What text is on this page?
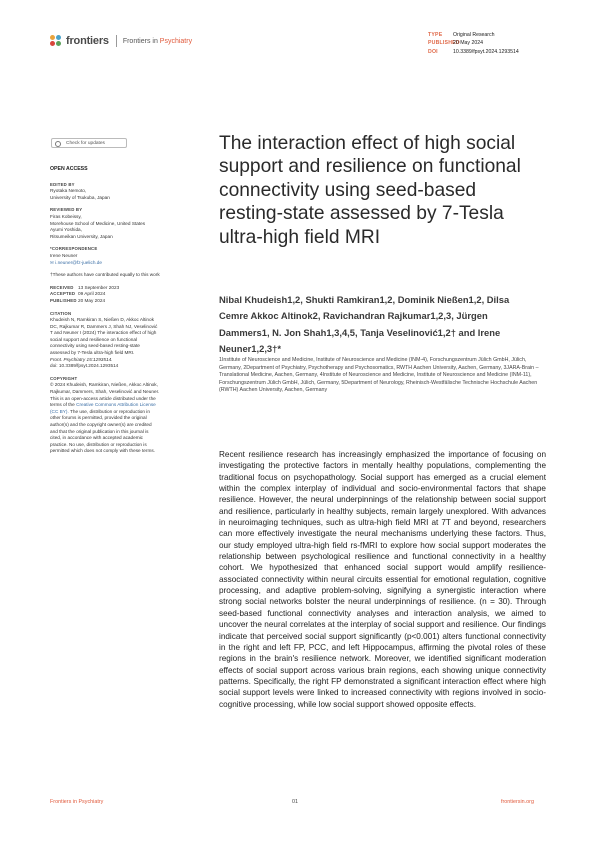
frontiers Frontiers in Psychiatry
TYPE Original Research
PUBLISHED20 May 2024
DOI	10.3389/fpsyt.2024.1293514
Check for updates
OPEN ACCESS
EDITED BY
Ryotaka Nemoto,
University of Tsukuba, Japan
REVIEWED BY
Firas Kobeissy,
Morehouse School of Medicine, United States
Ayumi Yoshida,
Ritsumeikan University, Japan
*CORRESPONDENCE
Irene Neuner
✉ i.neuner@fz-juelich.de
†These authors have contributed equally to this work
RECEIVED 13 September 2023
ACCEPTED 09 April 2024
PUBLISHED20 May 2024
CITATION
Khudeish N, Ramkiran S, Nießen D, Akkoc Altinok DC, Rajkumar R, Dammers J, Shah NJ, Veselinović T and Neuner I (2024) The interaction effect of high social support and resilience on functional connectivity using seed-based resting-state assessed by 7-Tesla ultra-high field MRI.
Front. Psychiatry 15:1293514.
doi: 10.3389/fpsyt.2024.1293514
COPYRIGHT
© 2024 Khudeish, Ramkiran, Nießen, Akkoc Altinok, Rajkumar, Dammers, Shah, Veselinović and Neuner. This is an open-access article distributed under the terms of the Creative Commons Attribution License (CC BY). The use, distribution or reproduction in other forums is permitted, provided the original author(s) and the copyright owner(s) are credited and that the original publication in this journal is cited, in accordance with accepted academic practice. No use, distribution or reproduction is permitted which does not comply with these terms.
The interaction effect of high social support and resilience on functional connectivity using seed-based resting-state assessed by 7-Tesla ultra-high field MRI
Nibal Khudeish1,2, Shukti Ramkiran1,2, Dominik Nießen1,2, Dilsa Cemre Akkoc Altinok2, Ravichandran Rajkumar1,2,3, Jürgen Dammers1, N. Jon Shah1,3,4,5, Tanja Veselinović1,2† and Irene Neuner1,2,3†*
1Institute of Neuroscience and Medicine, Institute of Neuroscience and Medicine (INM-4), Forschungszentrum Jülich GmbH, Jülich, Germany, 2Department of Psychiatry, Psychotherapy and Psychosomatics, RWTH Aachen University, Aachen, Germany, 3JARA-Brain – Translational Medicine, Aachen, Germany, 4Institute of Neuroscience and Medicine, Institute of Neuroscience and Medicine (INM-11), Forschungszentrum Jülich GmbH, Jülich, Germany, 5Department of Neurology, Rheinisch-Westfälische Technische Hochschule Aachen (RWTH) Aachen University, Aachen, Germany
Recent resilience research has increasingly emphasized the importance of focusing on investigating the protective factors in mentally healthy populations, complementing the traditional focus on psychopathology. Social support has emerged as a crucial element within the complex interplay of individual and socio-environmental factors that shape resilience. However, the neural underpinnings of the relationship between social support and resilience, particularly in healthy subjects, remain largely unexplored. With advances in neuroimaging techniques, such as ultra-high field MRI at 7T and beyond, researchers can more effectively investigate the neural mechanisms underlying these factors. Thus, our study employed ultra-high field rs-fMRI to explore how social support moderates the relationship between psychological resilience and functional connectivity in a healthy cohort. We hypothesized that enhanced social support would amplify resilience-associated connectivity within neural circuits essential for emotional regulation, cognitive processing, and adaptive problem-solving, signifying a synergistic interaction where strong social networks bolster the neural underpinnings of resilience. (n = 30). Through seed-based functional connectivity analyses and interaction analysis, we aimed to uncover the neural correlates at the interplay of social support and resilience. Our findings indicate that perceived social support significantly (p<0.001) alters functional connectivity in the right and left FP, PCC, and left Hippocampus, affirming the pivotal roles of these regions in the brain's resilience network. Moreover, we identified significant moderation effects of social support across various brain regions, each showing unique connectivity patterns. Specifically, the right FP demonstrated a significant interaction effect where high social support levels were linked to increased connectivity with regions involved in socio-cognitive processing, while low social support showed opposite effects.
Frontiers in Psychiatry	01	frontiersin.org
